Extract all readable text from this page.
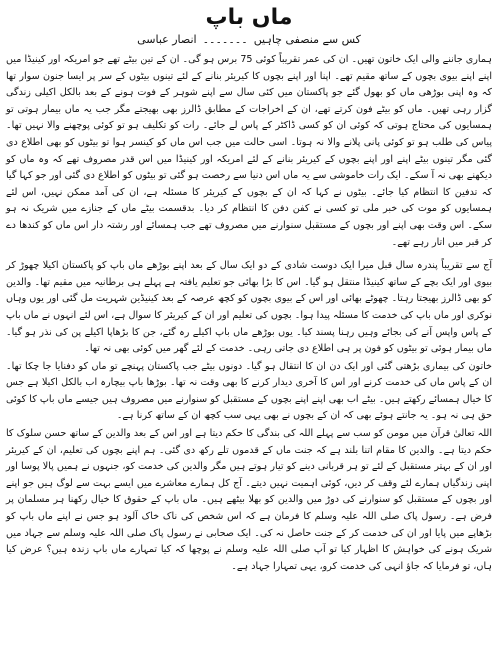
ماں باپ
کس سے منصفی چاہیں
۔۔۔۔۔۔۔
انصار عباسی

ہماری جاننے والی ایک خاتون تھیں۔ ان کی عمر تقریباً کوئی 75 برس ہو گی۔ ان کے تین بیٹے تھے جو امریکہ اور کینیڈا میں اپنے اپنے بیوی بچوں کے ساتھ مقیم تھے۔ اپنا اور اپنے بچوں کا کیریئر بنانے کے لئے تینوں بیٹوں کے سر پر ایسا جنون سوار تھا کہ وہ اپنی بوڑھی ماں کو بھول گئے جو پاکستان میں کئی سال سے اپنے شوہر کے فوت ہونے کے بعد بالکل اکیلی زندگی گزار رہی تھیں۔ ماں کو بیٹے فون کرتے تھے، ان کے اخراجات کے مطابق ڈالرز بھی بھیجتے مگر جب یہ ماں بیمار ہوتی تو ہمسایوں کی محتاج ہوتی کہ کوئی ان کو کسی ڈاکٹر کے پاس لے جائے۔ رات کو تکلیف ہو تو کوئی پوچھنے والا نہیں تھا۔ پیاس کی طلب ہو تو کوئی پانی پلانے والا نہ ہوتا۔ اسی حالت میں جب اس ماں کو کینسر ہوا تو بیٹوں کو بھی اطلاع دی گئی مگر تینوں بیٹے اپنے اور اپنے بچوں کے کیریئر بنانے کے لئے امریکہ اور کینیڈا میں اس قدر مصروف تھے کہ وہ ماں کو دیکھنے بھی نہ آ سکے۔ ایک رات خاموشی سے یہ ماں اس دنیا سے رخصت ہو گئی تو بیٹوں کو اطلاع دی گئی اور جو کہا گیا کہ تدفین کا انتظام کیا جائے۔ بیٹوں نے کہا کہ ان کے بچوں کے کیریئر کا مسئلہ ہے، ان کی آمد ممکن نہیں، اس لئے ہمسایوں کو موت کی خبر ملی تو کسی نے کفن دفن کا انتظام کر دیا۔ بدقسمت بیٹے ماں کے جنازے میں شریک نہ ہو سکے۔ اس وقت بھی اپنے اور بچوں کے مستقبل سنوارنے میں مصروف تھے جب ہمسائے اور رشتہ دار اس ماں کو کندھا دے کر قبر میں اتار رہے تھے۔

آج سے تقریباً پندرہ سال قبل میرا ایک دوست شادی کے دو ایک سال کے بعد اپنے بوڑھے ماں باپ کو پاکستان اکیلا چھوڑ کر بیوی اور ایک بچے کے ساتھ کینیڈا منتقل ہو گیا۔ اس کا بڑا بھائی جو تعلیم یافتہ ہے پہلے ہی برطانیہ میں مقیم تھا۔ والدین کو بھی ڈالرز بھیجتا رہتا۔ چھوٹے بھائی اور اس کے بیوی بچوں کو کچھ عرصہ کے بعد کینیڈین شہریت مل گئی اور یوں وہاں نوکری اور ماں باپ کی خدمت کا مسئلہ پیدا ہوا۔ بچوں کی تعلیم اور ان کے کیریئر کا سوال ہے، اس لئے انہوں نے ماں باپ کے پاس واپس آنے کی بجائے وہیں رہنا پسند کیا۔ یوں بوڑھے ماں باپ اکیلے رہ گئے، جن کا بڑھاپا اکیلے پن کی نذر ہو گیا۔ ماں بیمار ہوئی تو بیٹوں کو فون پر ہی اطلاع دی جاتی رہی۔ خدمت کے لئے گھر میں کوئی بھی نہ تھا۔

خاتون کی بیماری بڑھتی گئی اور ایک دن ان کا انتقال ہو گیا۔ دونوں بیٹے جب پاکستان پہنچے تو ماں کو دفنایا جا چکا تھا۔ ان کے پاس ماں کی خدمت کرنے اور اس کا آخری دیدار کرنے کا بھی وقت نہ تھا۔ بوڑھا باپ بیچارہ اب بالکل اکیلا ہے جس کا خیال ہمسائے رکھتے ہیں۔ بیٹے اب بھی اپنے اپنے بچوں کے مستقبل کو سنوارنے میں مصروف ہیں جیسے ماں باپ کا کوئی حق ہی نہ ہو۔ یہ جانتے ہوئے بھی کہ ان کے بچوں نے بھی یہی سب کچھ ان کے ساتھ کرنا ہے۔

اللہ تعالیٰ قرآن میں مومن کو سب سے پہلے اللہ کی بندگی کا حکم دیتا ہے اور اس کے بعد والدین کے ساتھ حسن سلوک کا حکم دیتا ہے۔ والدین کا مقام اتنا بلند ہے کہ جنت ماں کے قدموں تلے رکھ دی گئی۔ ہم اپنے بچوں کی تعلیم، ان کے کیریئر اور ان کے بہتر مستقبل کے لئے تو ہر قربانی دینے کو تیار ہوتے ہیں مگر والدین کی خدمت کو، جنہوں نے ہمیں پالا پوسا اور اپنی زندگیاں ہمارے لئے وقف کر دیں، کوئی اہمیت نہیں دیتے۔ آج کل ہمارے معاشرے میں ایسے بہت سے لوگ ہیں جو اپنے اور بچوں کے مستقبل کو سنوارنے کی دوڑ میں والدین کو بھلا بیٹھے ہیں۔ ماں باپ کے حقوق کا خیال رکھنا ہر مسلمان پر فرض ہے۔ رسول پاک صلی اللہ علیہ وسلم کا فرمان ہے کہ اس شخص کی ناک خاک آلود ہو جس نے اپنے ماں باپ کو بڑھاپے میں پایا اور ان کی خدمت کر کے جنت حاصل نہ کی۔ ایک صحابی نے رسول پاک صلی اللہ علیہ وسلم سے جہاد میں شریک ہونے کی خواہش کا اظہار کیا تو آپ صلی اللہ علیہ وسلم نے پوچھا کہ کیا تمہارے ماں باپ زندہ ہیں؟ عرض کیا ہاں، تو فرمایا کہ جاؤ انہی کی خدمت کرو، یہی تمہارا جہاد ہے۔
